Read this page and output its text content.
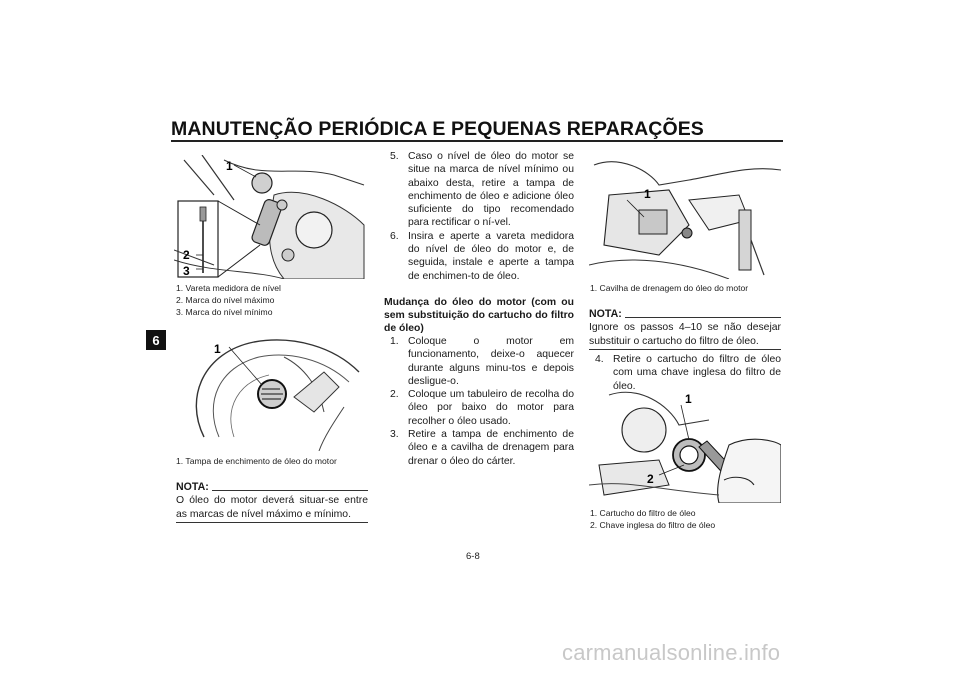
MANUTENÇÃO PERIÓDICA E PEQUENAS REPARAÇÕES
6
1
2
3
1. Vareta medidora de nível
2. Marca do nível máximo
3. Marca do nível mínimo
1
1. Tampa de enchimento de óleo do motor
NOTA:
O óleo do motor deverá situar-se entre as marcas de nível máximo e mínimo.

5. Caso o nível de óleo do motor se situe na marca de nível mínimo ou abaixo desta, retire a tampa de enchimento de óleo e adicione óleo suficiente do tipo recomendado para rectificar o ní-vel.

6. Insira e aperte a vareta medidora do nível de óleo do motor e, de seguida, instale e aperte a tampa de enchimen-to de óleo.

Mudança do óleo do motor (com ou sem substituição do cartucho do filtro de óleo)

1. Coloque o motor em funcionamento, deixe-o aquecer durante alguns minu-tos e depois desligue-o.

2. Coloque um tabuleiro de recolha do óleo por baixo do motor para recolher o óleo usado.

3. Retire a tampa de enchimento de óleo e a cavilha de drenagem para drenar o óleo do cárter.

1
1. Cavilha de drenagem do óleo do motor
NOTA:
Ignore os passos 4–10 se não desejar substituir o cartucho do filtro de óleo.

4. Retire o cartucho do filtro de óleo com uma chave inglesa do filtro de óleo.

1
2
1. Cartucho do filtro de óleo
2. Chave inglesa do filtro de óleo
6-8
carmanualsonline.info
